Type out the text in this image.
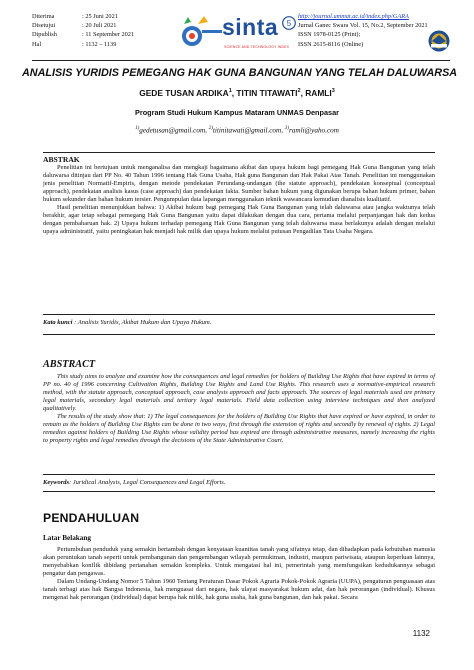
Diterima	: 25 Juni 2021
Disetujui	: 20 Juli 2021
Dipublish	: 11 September 2021
Hal	: 1132 – 1139
sinta 5
SCIENCE AND TECHNOLOGY INDEX
http://journal.ummat.ac.id/index.php/GARA
Jurnal Ganec Swara Vol. 15, No.2, September 2021
ISSN 1978-0125 (Print);
ISSN 2615-8116 (Online)
ANALISIS YURIDIS PEMEGANG HAK GUNA BANGUNAN YANG TELAH DALUWARSA
GEDE TUSAN ARDIKA$^1$, TITIN TITAWATI$^2$, RAMLI$^3$
Program Studi Hukum Kampus Mataram UNMAS Denpasar
$^{1)}$gedetusan@gmail.com, $^{2)}$titinitawati@gmail.com, $^{3)}$ramli@yaho.com
ABSTRAK

Penelitian ini bertujuan untuk menganalisa dan mengkaji bagaimana akibat dan upaya hukum bagi pemegang Hak Guna Bangunan yang telah daluwarsa ditinjau dari PP No. 40 Tahun 1996 tentang Hak Guna Usaha, Hak guna Bangunan dan Hak Pakai Atas Tanah. Penelitian ini menggunakan jenis penelitian Normatif-Empiris, dengan metode pendekatan Perundang-undangan (the statute approach), pendekatan konseptual (conceptual approach), pendekatan analisis kasus (case approach) dan pendekatan fakta. Sumber bahan hukum yang digunakan berupa bahan hukum primer, bahan hukum sekunder dan bahan hukum tersier. Pengumpulan data lapangan menggunakan teknik wawancara kemudian dianalisis kualitatif.

Hasil penelitian menunjukkan bahwa: 1) Akibat hukum bagi pemegang Hak Guna Bangunan yang telah daluwarsa atau jangka waktunya telah berakhir, agar tetap sebagai pemegang Hak Guna Bangunan yaitu dapat dilakukan dengan dua cara, pertama melalui perpanjangan hak dan kedua dengan pembaharuan hak. 2) Upaya hukum terhadap pemegang Hak Guna Bangunan yang telah daluwarsa masa berlakunya adalah dengan melalui upaya administratif, yaitu peningkatan hak menjadi hak milik dan upaya hukum melalui putusan Pengadilan Tata Usaha Negara.

Kata kunci : Analisis Yuridis, Akibat Hukum dan Upaya Hukum.
ABSTRACT

This study aims to analyze and examine how the consequences and legal remedies for holders of Building Use Rights that have expired in terms of PP no. 40 of 1996 concerning Cultivation Rights, Building Use Rights and Land Use Rights. This research uses a normative-empirical research method, with the statute approach, conceptual approach, case analysis approach and facts approach. The sources of legal materials used are primary legal materials, secondary legal materials and tertiary legal materials. Field data collection using interview techniques and then analyzed qualitatively.

The results of the study show that: 1) The legal consequences for the holders of Building Use Rights that have expired or have expired, in order to remain as the holders of Building Use Rights can be done in two ways, first through the extension of rights and secondly by renewal of rights. 2) Legal remedies against holders of Building Use Rights whose validity period has expired are through administrative measures, namely increasing the rights to property rights and legal remedies through the decisions of the State Administrative Court.

Keywords: Juridical Analysis, Legal Consequences and Legal Efforts.
PENDAHULUAN
Latar Belakang

Pertumbuhan penduduk yang semakin bertambah dengan kenyataan kuantitas tanah yang sifatnya tetap, dan dihadapkan pada kebutuhan manusia akan peruntukan tanah seperti untuk pembangunan dan pengembangan wilayah permukiman, industri, maupun pariwisata, ataupun keperluan lainnya, menyebabkan konflik dibidang pertanahan semakin kompleks. Untuk mengatasi hal ini, pemerintah yang memfungsikan kedudukannya sebagai pengatur dan pengawas.

Dalam Undang-Undang Nomor 5 Tahun 1960 Tentang Peraturan Dasar Pokok Agraria Pokok-Pokok Agraria (UUPA), pengaturan penguasaan atas tanah terbagi atas hak Bangsa Indonesia, hak menguasai dari negara, hak ulayat masyarakat hukum adat, dan hak perorangan (individual). Khusus mengenai hak perorangan (individual) dapat berupa hak milik, hak guna usaha, hak guna bangunan, dan hak pakai. Secara

1132
